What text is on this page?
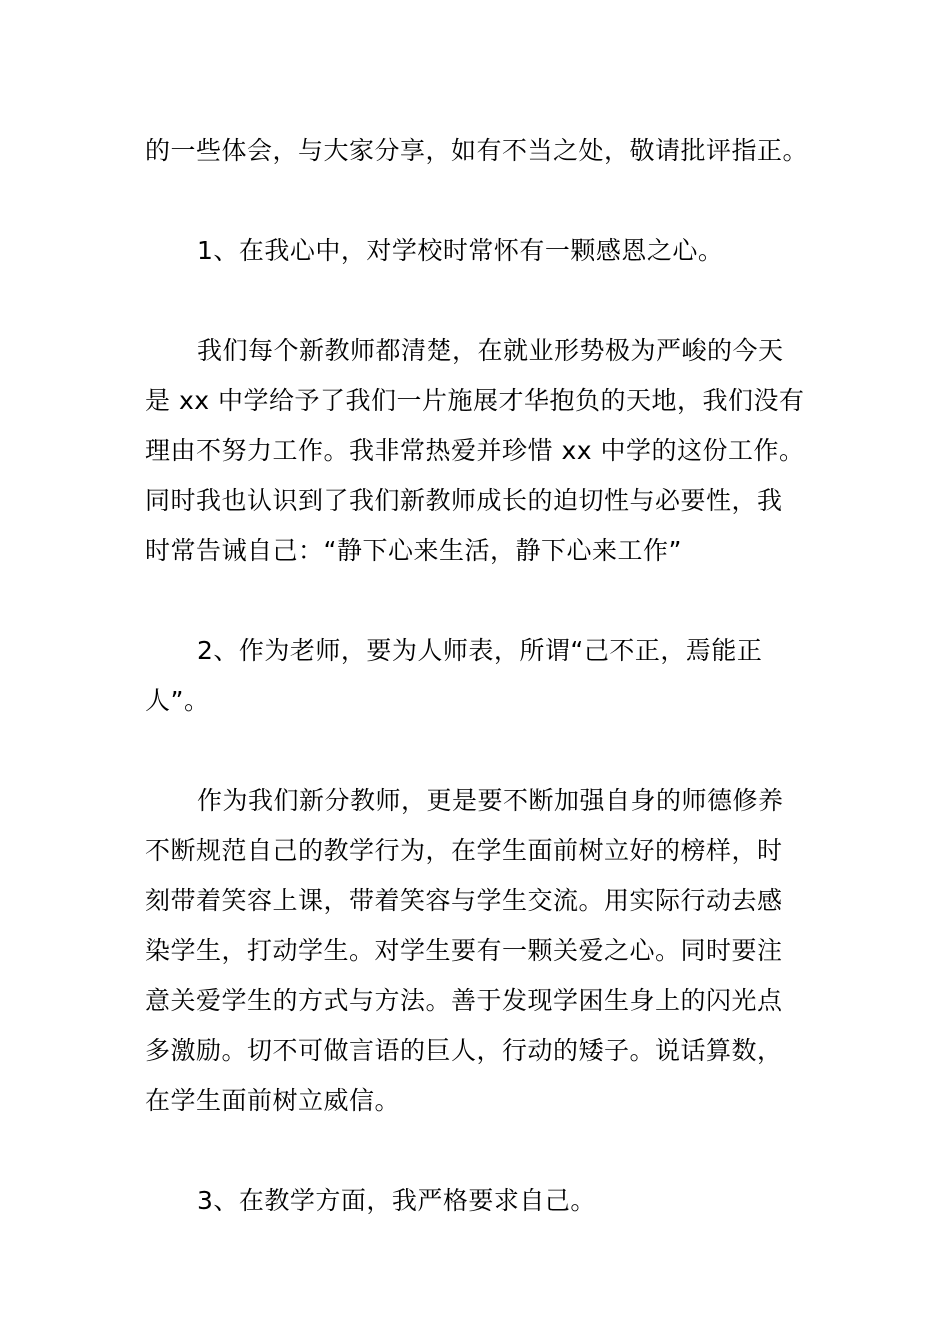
的一些体会，与大家分享，如有不当之处，敬请批评指正。
1、在我心中，对学校时常怀有一颗感恩之心。
我们每个新教师都清楚，在就业形势极为严峻的今天
是 xx 中学给予了我们一片施展才华抱负的天地，我们没有
理由不努力工作。我非常热爱并珍惜 xx 中学的这份工作。
同时我也认识到了我们新教师成长的迫切性与必要性，我
时常告诫自己：“静下心来生活，静下心来工作”
2、作为老师，要为人师表，所谓“己不正，焉能正
人”。
作为我们新分教师，更是要不断加强自身的师德修养
不断规范自己的教学行为，在学生面前树立好的榜样，时
刻带着笑容上课，带着笑容与学生交流。用实际行动去感
染学生，打动学生。对学生要有一颗关爱之心。同时要注
意关爱学生的方式与方法。善于发现学困生身上的闪光点
多激励。切不可做言语的巨人，行动的矮子。说话算数，
在学生面前树立威信。
3、在教学方面，我严格要求自己。
